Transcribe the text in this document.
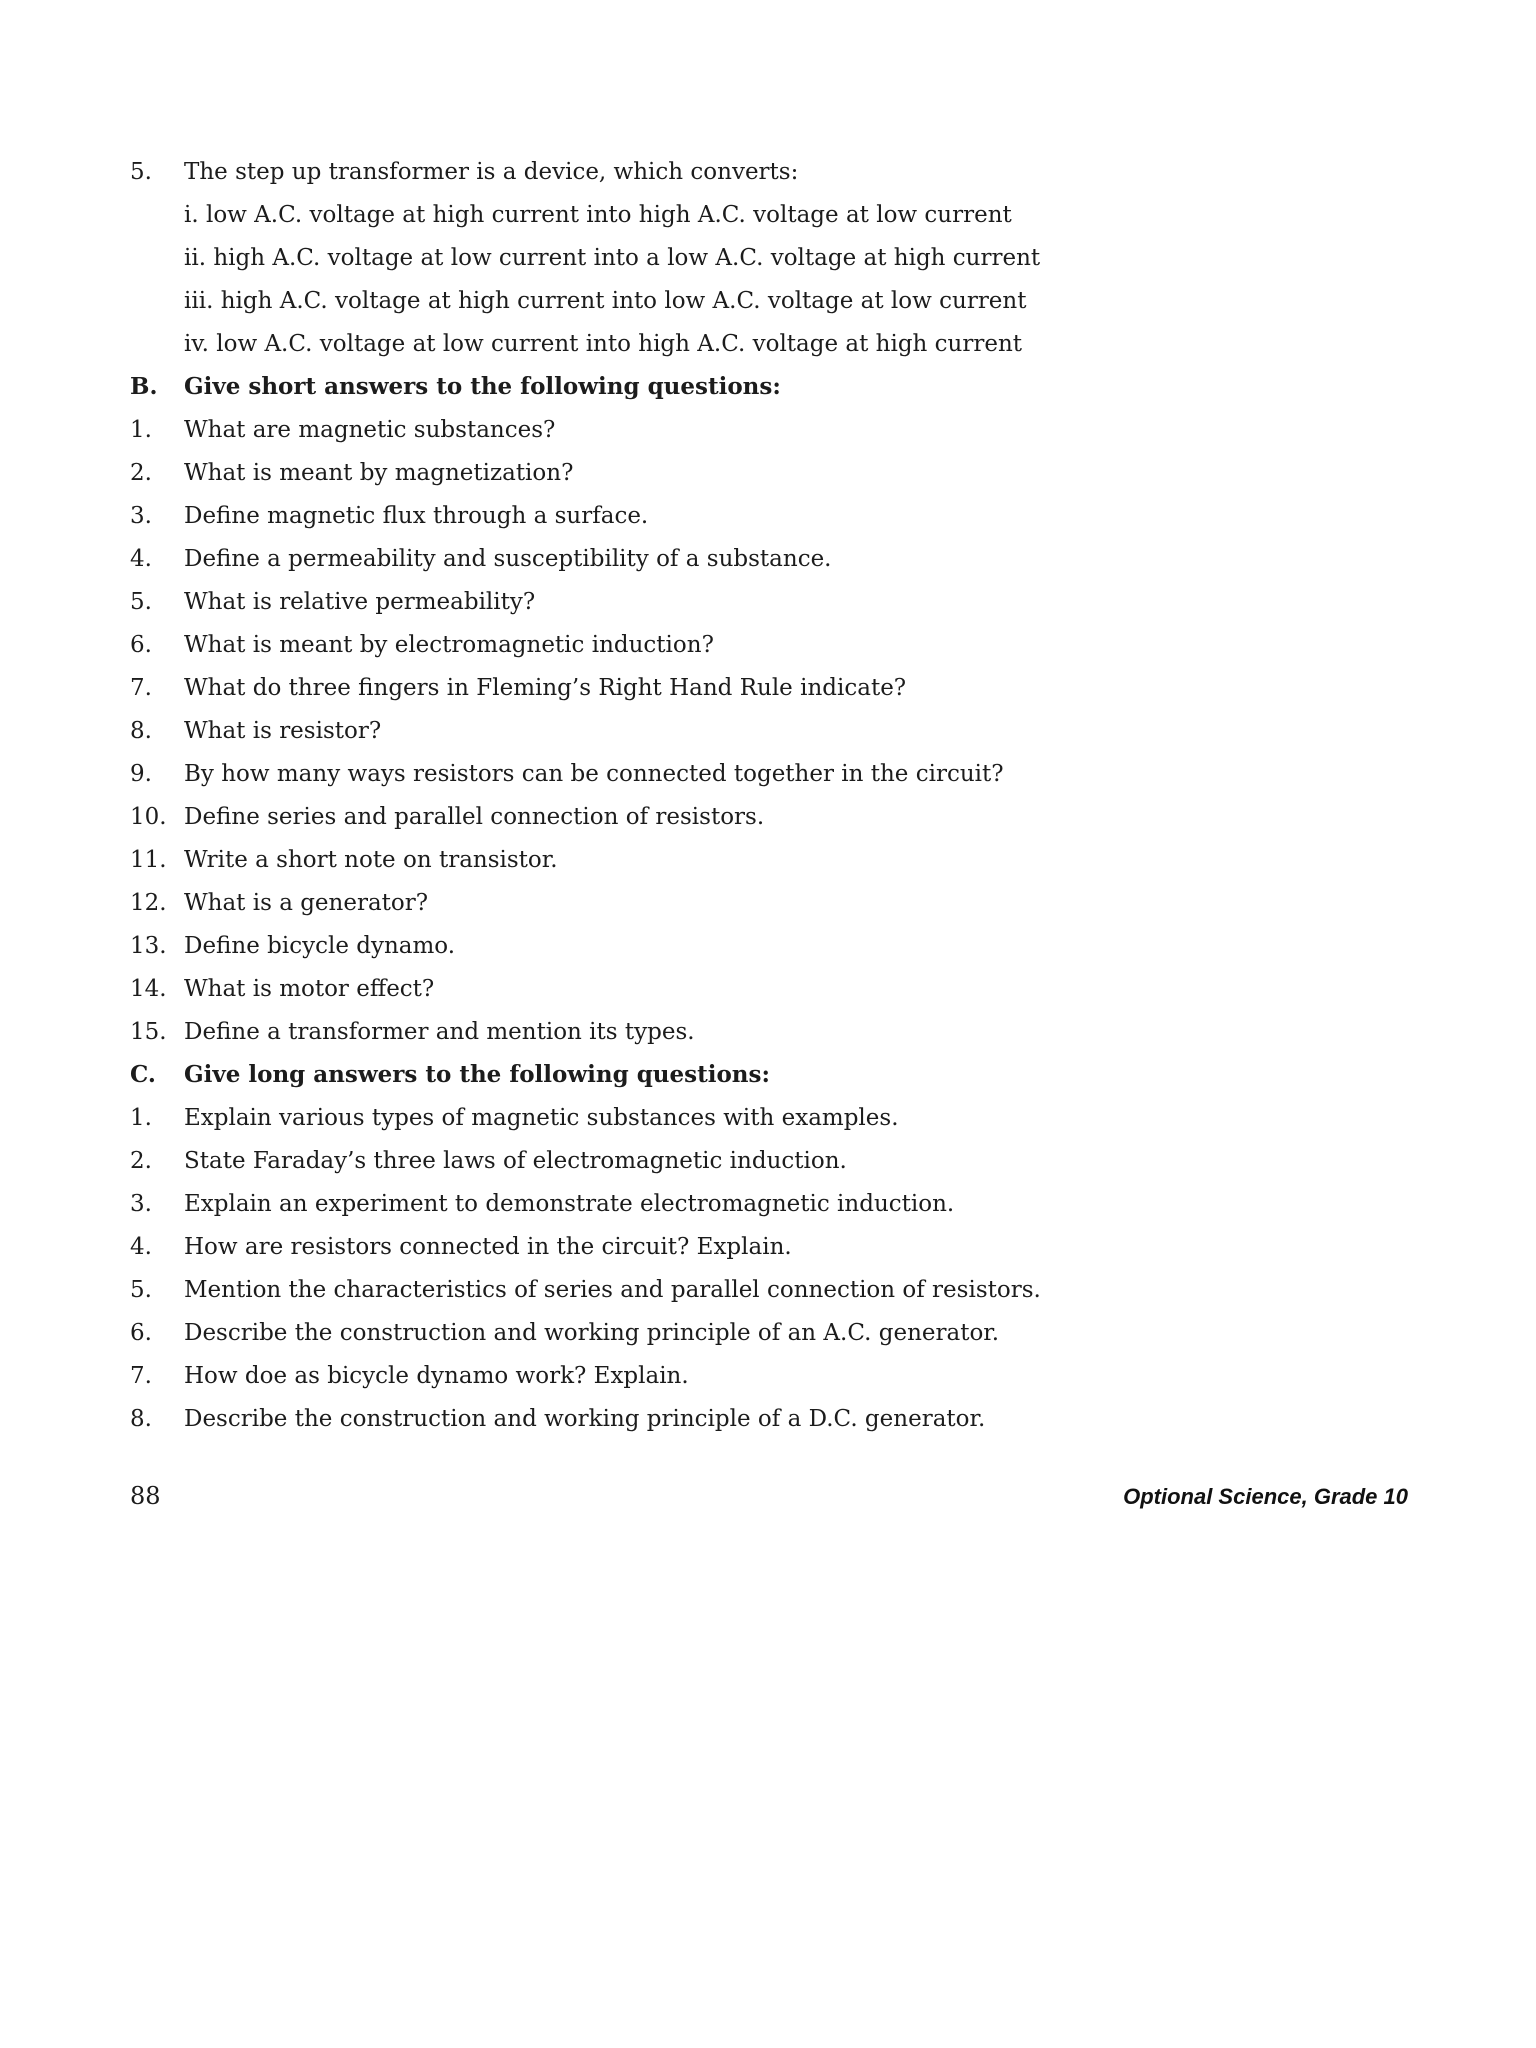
5.	The step up transformer is a device, which converts:
i. low A.C. voltage at high current into high A.C. voltage at low current
ii. high A.C. voltage at low current into a low A.C. voltage at high current
iii. high A.C. voltage at high current into low A.C. voltage at low current
iv. low A.C. voltage at low current into high A.C. voltage at high current
B.	Give short answers to the following questions:
1.	What are magnetic substances?
2.	What is meant by magnetization?
3.	Define magnetic flux through a surface.
4.	Define a permeability and susceptibility of a substance.
5.	What is relative permeability?
6.	What is meant by electromagnetic induction?
7.	What do three fingers in Fleming’s Right Hand Rule indicate?
8.	What is resistor?
9.	By how many ways resistors can be connected together in the circuit?
10. Define series and parallel connection of resistors.
11. Write a short note on transistor.
12. What is a generator?
13. Define bicycle dynamo.
14. What is motor effect?
15. Define a transformer and mention its types.
C.	Give long answers to the following questions:
1.	Explain various types of magnetic substances with examples.
2.	State Faraday’s three laws of electromagnetic induction.
3.	Explain an experiment to demonstrate electromagnetic induction.
4.	How are resistors connected in the circuit? Explain.
5.	Mention the characteristics of series and parallel connection of resistors.
6.	Describe the construction and working principle of an A.C. generator.
7.	How doe as bicycle dynamo work? Explain.
8.	Describe the construction and working principle of a D.C. generator.
88	Optional Science, Grade 10
